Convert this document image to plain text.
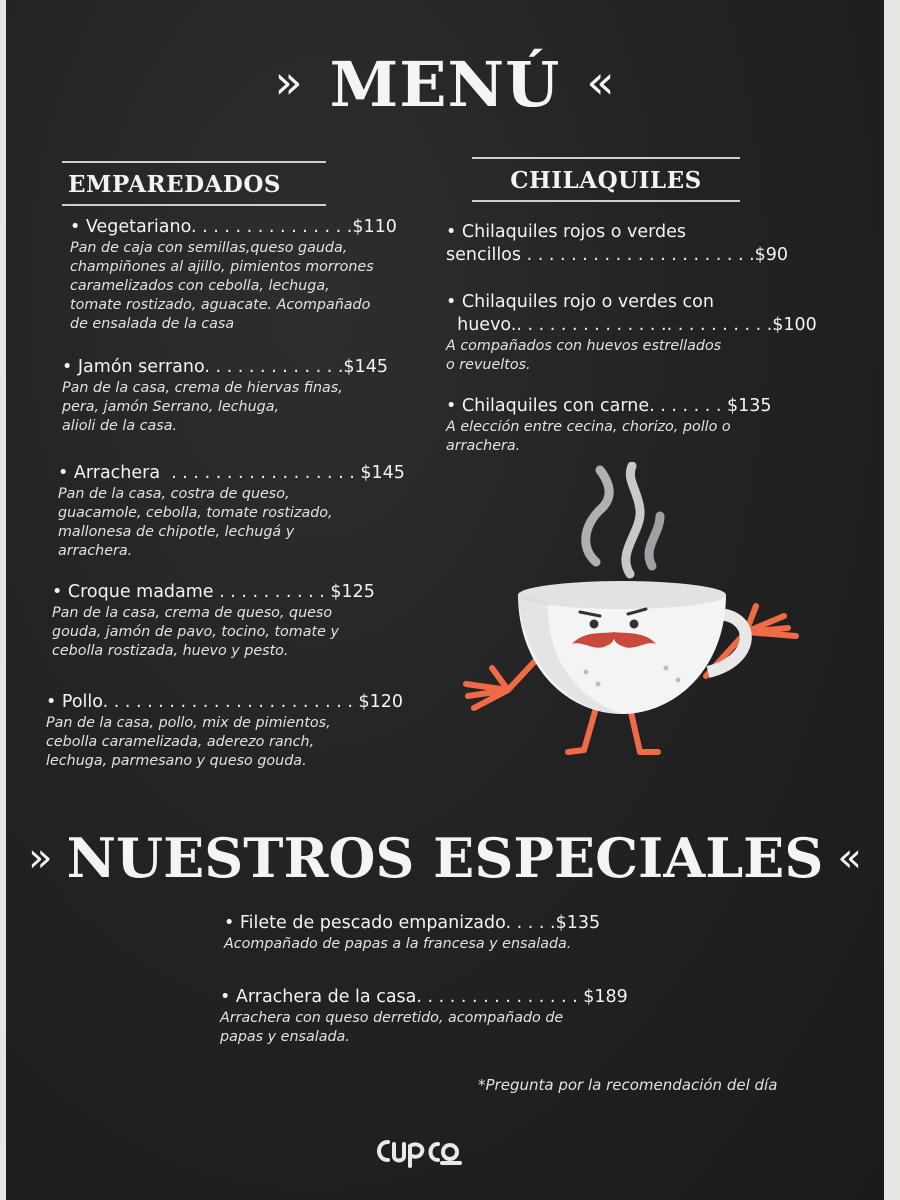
» MENÚ «
EMPAREDADOS	CHILAQUILES
• Vegetariano. . . . . . . . . . . . . . .$110
Pan de caja con semillas,queso gauda,
champiñones al ajillo, pimientos morrones
caramelizados con cebolla, lechuga,
tomate rostizado, aguacate. Acompañado
de ensalada de la casa
• Jamón serrano. . . . . . . . . . . . .$145
Pan de la casa, crema de hiervas finas,
pera, jamón Serrano, lechuga,
alioli de la casa.
• Arrachera  . . . . . . . . . . . . . . . . . $145
Pan de la casa, costra de queso,
guacamole, cebolla, tomate rostizado,
mallonesa de chipotle, lechugá y
arrachera.
• Croque madame . . . . . . . . . . $125
Pan de la casa, crema de queso, queso
gouda, jamón de pavo, tocino, tomate y
cebolla rostizada, huevo y pesto.
• Pollo. . . . . . . . . . . . . . . . . . . . . . . $120
Pan de la casa, pollo, mix de pimientos,
cebolla caramelizada, aderezo ranch,
lechuga, parmesano y queso gouda.
• Chilaquiles rojos o verdes
sencillos . . . . . . . . . . . . . . . . . . . . .$90
• Chilaquiles rojo o verdes con
huevo.. . . . . . . . . . . . . .. . . . . . . . . .$100
A compañados con huevos estrellados
o revueltos.
• Chilaquiles con carne. . . . . . . $135
A elección entre cecina, chorizo, pollo o
arrachera.
» NUESTROS ESPECIALES «
• Filete de pescado empanizado. . . . .$135
Acompañado de papas a la francesa y ensalada.
• Arrachera de la casa. . . . . . . . . . . . . . . $189
Arrachera con queso derretido, acompañado de
papas y ensalada.
*Pregunta por la recomendación del día
